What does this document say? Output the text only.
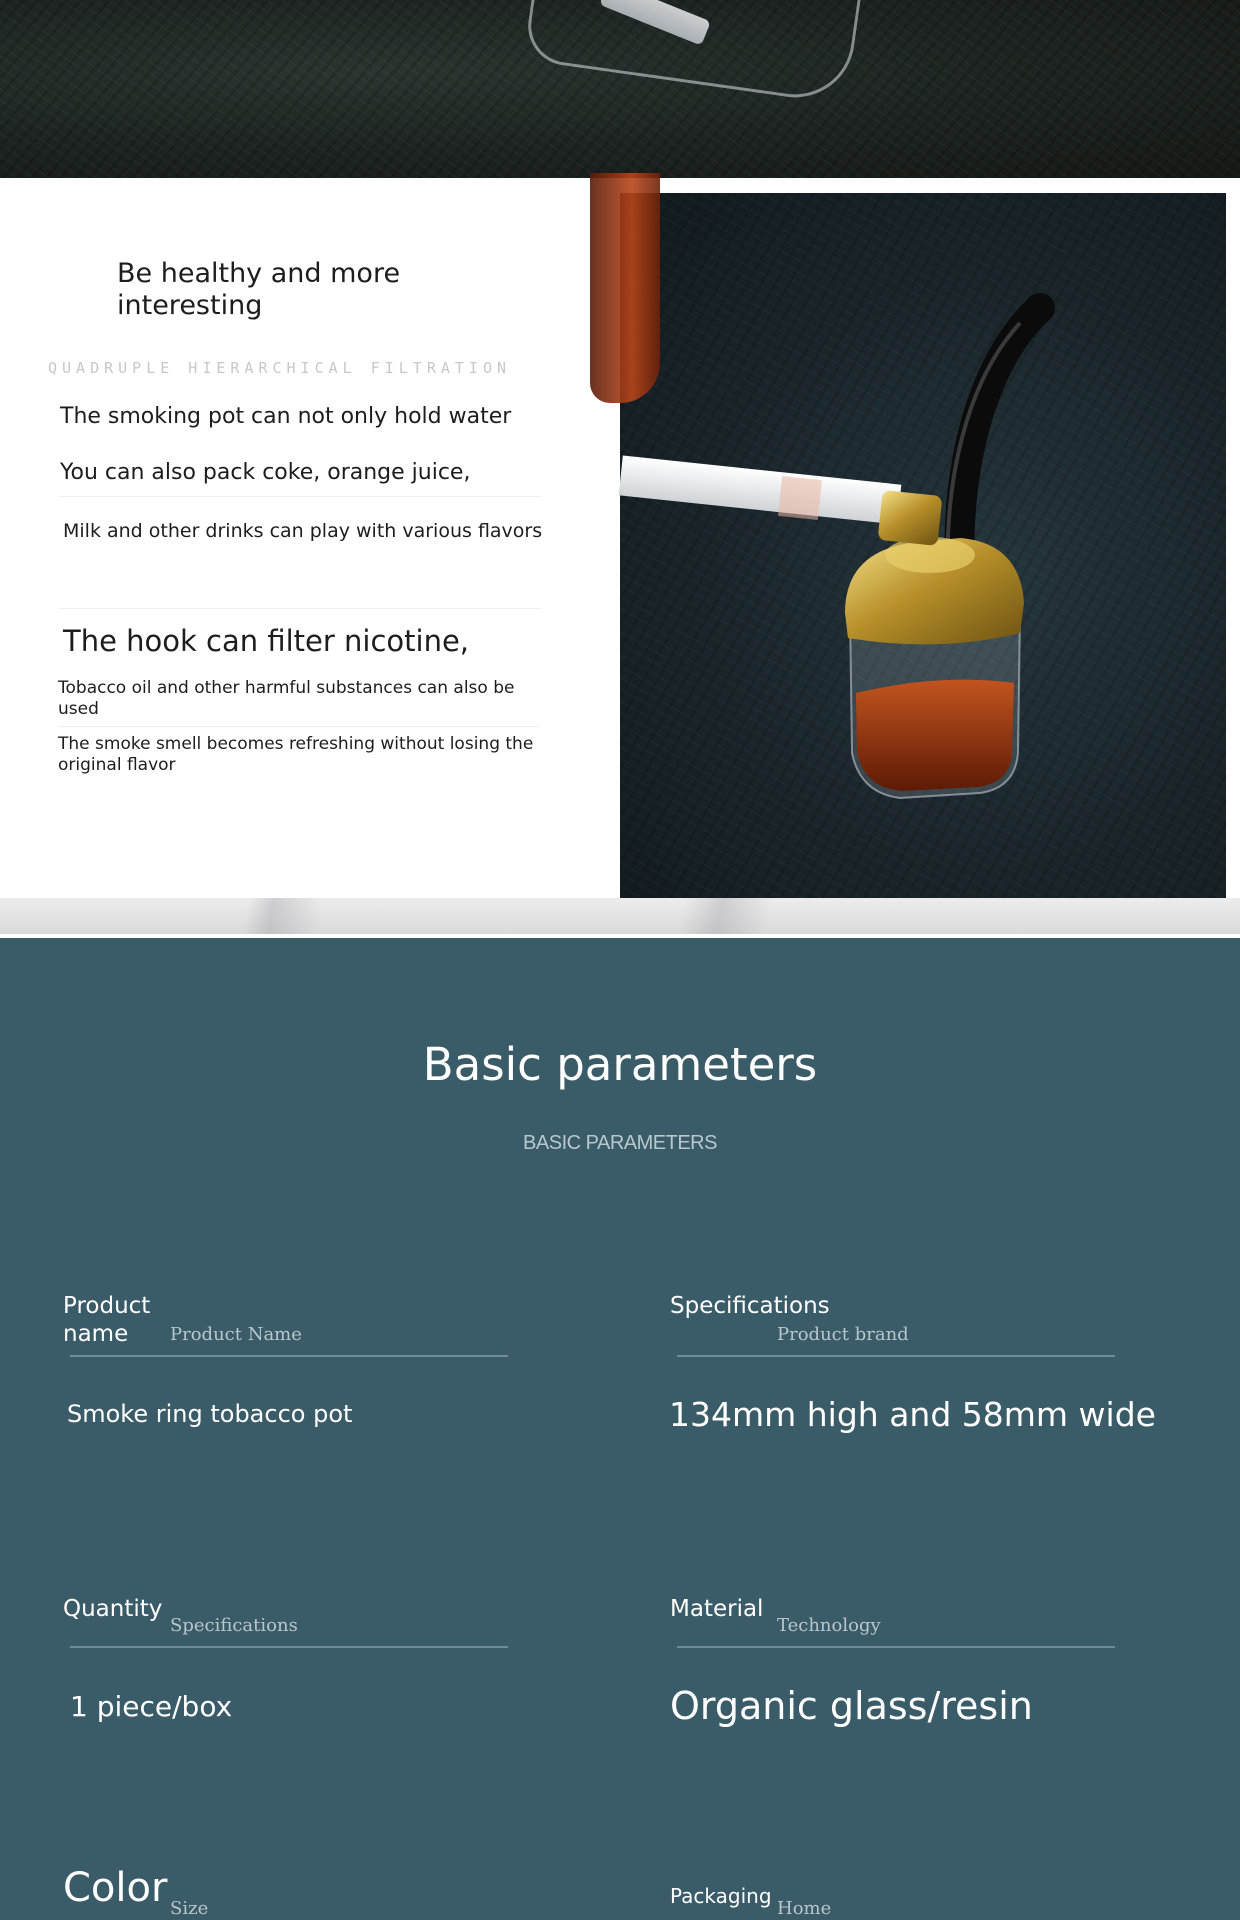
Be healthy and more interesting
QUADRUPLE HIERARCHICAL FILTRATION
The smoking pot can not only hold water
You can also pack coke, orange juice,
Milk and other drinks can play with various flavors
The hook can filter nicotine,
Tobacco oil and other harmful substances can also be used
The smoke smell becomes refreshing without losing the original flavor
Basic parameters
BASIC PARAMETERS
Product name	Product Name
Smoke ring tobacco pot
Specifications
Product brand
134mm high and 58mm wide
Quantity
Specifications
1 piece/box
Material
Technology
Organic glass/resin
Color Size
Packaging
Home
